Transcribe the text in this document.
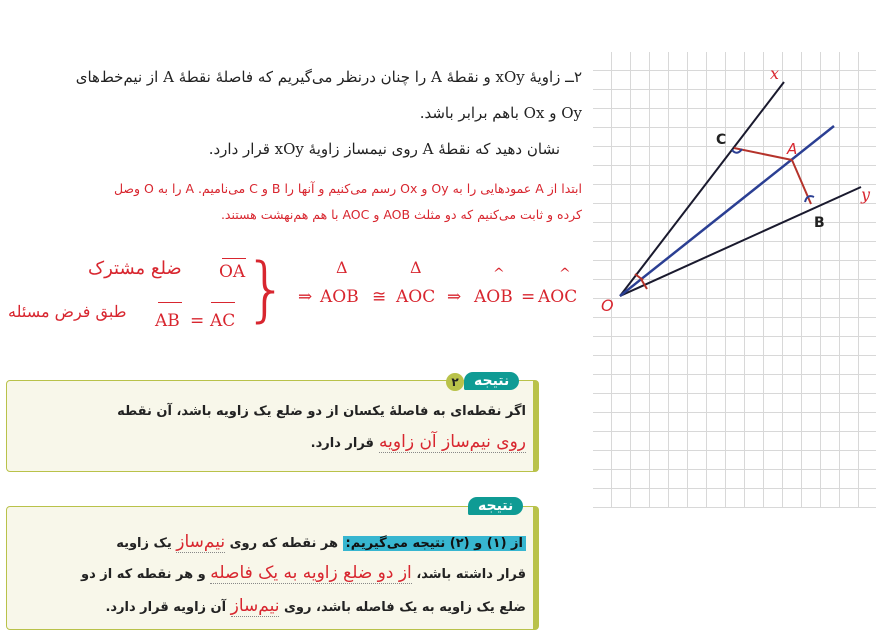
۲ــ زاویهٔ xOy و نقطهٔ A را چنان درنظر می‌گیریم که فاصلهٔ نقطهٔ A از نیم‌خط‌های
Oy و Ox باهم برابر باشد.
نشان دهید که نقطهٔ A روی نیمساز زاویهٔ xOy قرار دارد.
ابتدا از A عمودهایی را به Oy و Ox رسم می‌کنیم و آنها را B و C می‌نامیم. A را به O وصل
کرده و ثابت می‌کنیم که دو مثلث AOB و AOC با هم هم‌نهشت هستند.
ضلع مشترک
طبق فرض مسئله
OA
AB = AC }	Δ	Δ	^	^
⇒ AOB ≅ AOC ⇒ AOB = AOC
x
y
O
A
C
B
نتیجه
۲
اگر نقطه‌ای به فاصلهٔ یکسان از دو ضلع یک زاویه باشد، آن نقطه
روی نیم‌ساز آن زاویه قرار دارد.
نتیجه
از (۱) و (۲) نتیجه می‌گیریم: هر نقطه که روی نیم‌ساز یک زاویه
قرار داشته باشد، از دو ضلع زاویه به یک فاصله و هر نقطه که از دو
ضلع یک زاویه به یک فاصله باشد، روی نیم‌ساز آن زاویه قرار دارد.
